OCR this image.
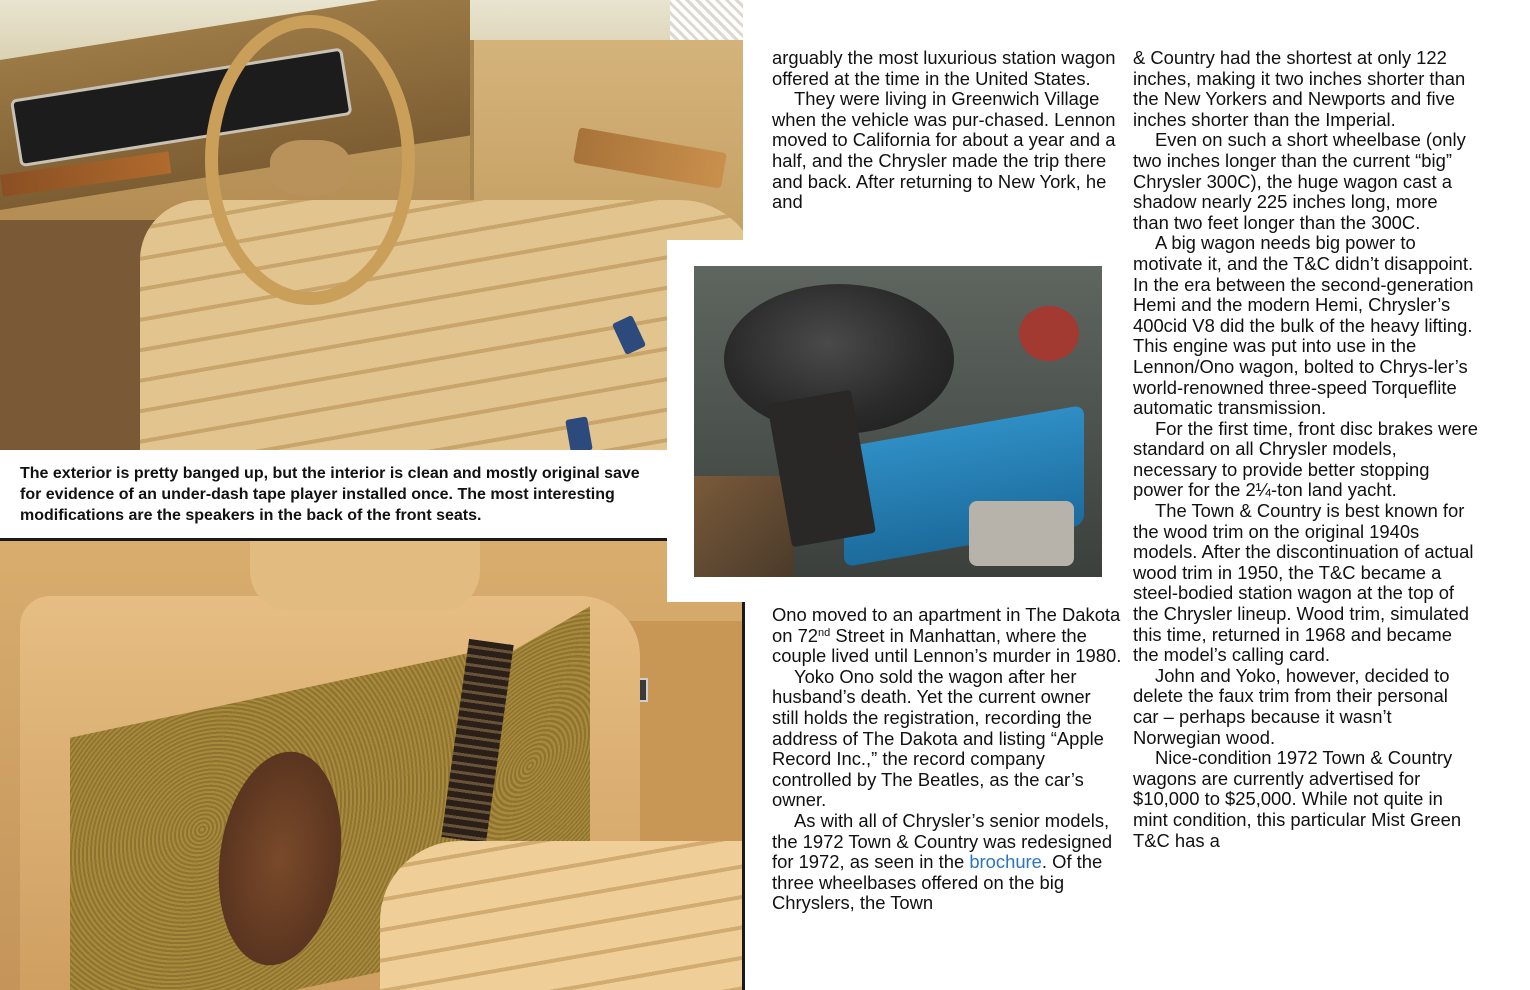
The exterior is pretty banged up, but the interior is clean and mostly original save for evidence of an under-dash tape player installed once. The most interesting modifications are the speakers in the back of the front seats.

arguably the most luxurious station wagon offered at the time in the United States.

They were living in Greenwich Village when the vehicle was pur-chased. Lennon moved to California for about a year and a half, and the Chrysler made the trip there and back. After returning to New York, he and

Ono moved to an apartment in The Dakota on 72nd Street in Manhattan, where the couple lived until Lennon’s murder in 1980.

Yoko Ono sold the wagon after her husband’s death. Yet the current owner still holds the registration, recording the address of The Dakota and listing “Apple Record Inc.,” the record company controlled by The Beatles, as the car’s owner.

As with all of Chrysler’s senior models, the 1972 Town & Country was redesigned for 1972, as seen in the brochure. Of the three wheelbases offered on the big Chryslers, the Town

& Country had the shortest at only 122 inches, making it two inches shorter than the New Yorkers and Newports and five inches shorter than the Imperial.

Even on such a short wheelbase (only two inches longer than the current “big” Chrysler 300C), the huge wagon cast a shadow nearly 225 inches long, more than two feet longer than the 300C.

A big wagon needs big power to motivate it, and the T&C didn’t disappoint. In the era between the second-generation Hemi and the modern Hemi, Chrysler’s 400cid V8 did the bulk of the heavy lifting. This engine was put into use in the Lennon/Ono wagon, bolted to Chrys-ler’s world-renowned three-speed Torqueflite automatic transmission.

For the first time, front disc brakes were standard on all Chrysler models, necessary to provide better stopping power for the 2¼-ton land yacht.

The Town & Country is best known for the wood trim on the original 1940s models. After the discontinuation of actual wood trim in 1950, the T&C became a steel-bodied station wagon at the top of the Chrysler lineup. Wood trim, simulated this time, returned in 1968 and became the model’s calling card.

John and Yoko, however, decided to delete the faux trim from their personal car – perhaps because it wasn’t Norwegian wood.

Nice-condition 1972 Town & Country wagons are currently advertised for $10,000 to $25,000. While not quite in mint condition, this particular Mist Green T&C has a
